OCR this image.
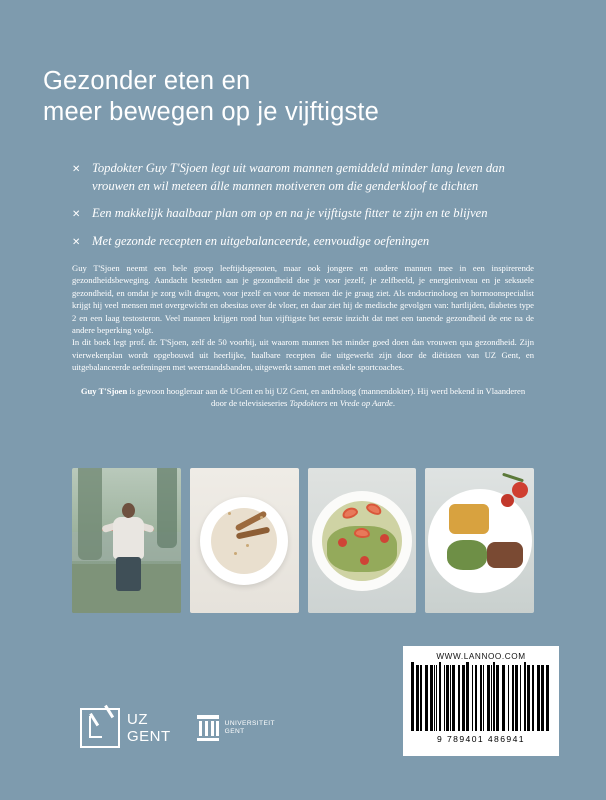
Gezonder eten en
meer bewegen op je vijftigste
✕ Topdokter Guy T'Sjoen legt uit waarom mannen gemiddeld minder lang leven dan vrouwen en wil meteen álle mannen motiveren om die genderkloof te dichten
✕ Een makkelijk haalbaar plan om op en na je vijftigste fitter te zijn en te blijven
✕ Met gezonde recepten en uitgebalanceerde, eenvoudige oefeningen

Guy T'Sjoen neemt een hele groep leeftijdsgenoten, maar ook jongere en oudere mannen mee in een inspirerende gezondheidsbeweging. Aandacht besteden aan je gezondheid doe je voor jezelf, je zelfbeeld, je energieniveau en je seksuele gezondheid, en omdat je zorg wilt dragen, voor jezelf en voor de mensen die je graag ziet. Als endocrinoloog en hormoonspecialist krijgt hij veel mensen met overgewicht en obesitas over de vloer, en daar ziet hij de medische gevolgen van: hartlijden, diabetes type 2 en een laag testosteron. Veel mannen krijgen rond hun vijftigste het eerste inzicht dat met een tanende gezondheid de ene na de andere beperking volgt.

In dit boek legt prof. dr. T'Sjoen, zelf de 50 voorbij, uit waarom mannen het minder goed doen dan vrouwen qua gezondheid. Zijn vierwekenplan wordt opgebouwd uit heerlijke, haalbare recepten die uitgewerkt zijn door de diëtisten van UZ Gent, en uitgebalanceerde oefeningen met weerstandsbanden, uitgewerkt samen met enkele sportcoaches.

Guy T'Sjoen is gewoon hoogleraar aan de UGent en bij UZ Gent, en androloog (mannendokter). Hij werd bekend in Vlaanderen door de televisieseries Topdokters en Vrede op Aarde.

WWW.LANNOO.COM
9 789401 486941
UZ
GENT
UNIVERSITEIT
GENT
